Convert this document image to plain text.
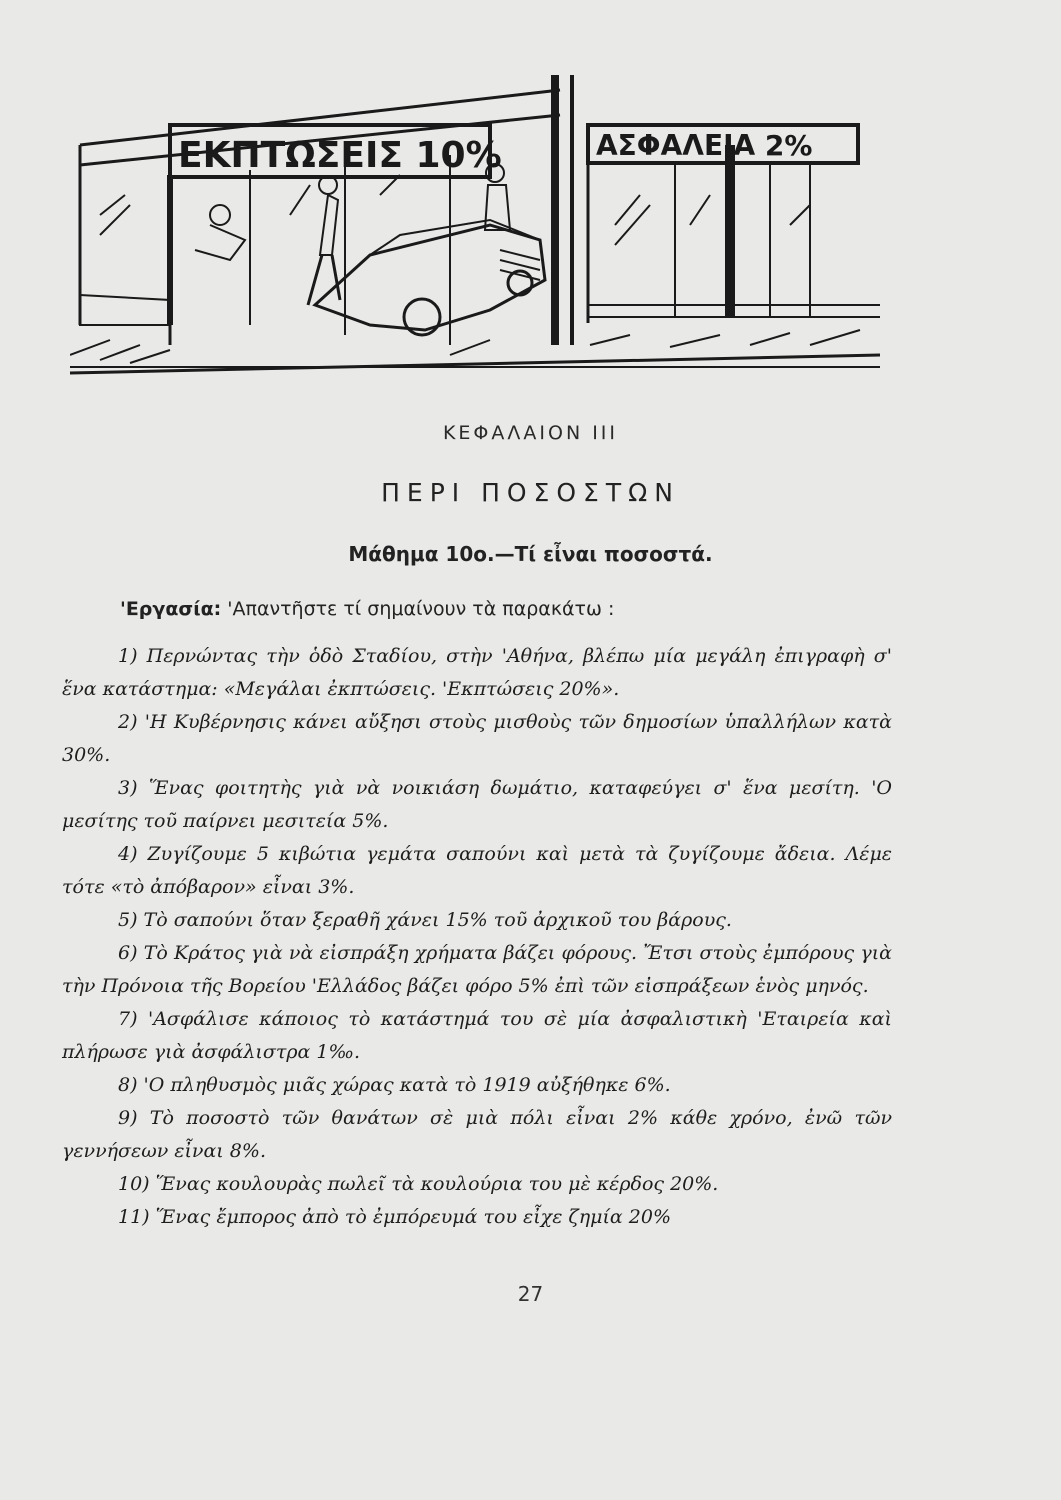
ΕΚΠΤΩΣΕΙΣ 10%	ΑΣΦΑΛΕΙΑ 2%
ΚΕΦΑΛΑΙΟΝ ΙΙΙ
ΠΕΡΙ ΠΟΣΟΣΤΩΝ
Μάθημα 10ο.—Τί εἶναι ποσοστά.
'Εργασία: 'Απαντῆστε τί σημαίνουν τὰ παρακάτω :

1) Περνώντας τὴν ὁδὸ Σταδίου, στὴν 'Αθήνα, βλέπω μία μεγάλη ἐπιγραφὴ σ' ἕνα κατάστημα: «Μεγάλαι ἐκπτώσεις. 'Εκπτώσεις 20%».

2) 'Η Κυβέρνησις κάνει αὔξησι στοὺς μισθοὺς τῶν δημοσίων ὑπαλλήλων κατὰ 30%.

3) Ἕνας φοιτητὴς γιὰ νὰ νοικιάση δωμάτιο, καταφεύγει σ' ἕνα μεσίτη. 'Ο μεσίτης τοῦ παίρνει μεσιτεία 5%.

4) Ζυγίζουμε 5 κιβώτια γεμάτα σαπούνι καὶ μετὰ τὰ ζυγίζουμε ἄδεια. Λέμε τότε «τὸ ἀπόβαρον» εἶναι 3%.

5) Τὸ σαπούνι ὅταν ξεραθῆ χάνει 15% τοῦ ἀρχικοῦ του βάρους.

6) Τὸ Κράτος γιὰ νὰ εἰσπράξη χρήματα βάζει φόρους. Ἔτσι στοὺς ἐμπόρους γιὰ τὴν Πρόνοια τῆς Βορείου 'Ελλάδος βάζει φόρο 5% ἐπὶ τῶν εἰσπράξεων ἑνὸς μηνός.

7) 'Ασφάλισε κάποιος τὸ κατάστημά του σὲ μία ἀσφαλιστικὴ 'Εταιρεία καὶ πλήρωσε γιὰ ἀσφάλιστρα 1‰.

8) 'Ο πληθυσμὸς μιᾶς χώρας κατὰ τὸ 1919 αὐξήθηκε 6%.

9) Τὸ ποσοστὸ τῶν θανάτων σὲ μιὰ πόλι εἶναι 2% κάθε χρόνο, ἐνῶ τῶν γεννήσεων εἶναι 8%.

10) Ἕνας κουλουρὰς πωλεῖ τὰ κουλούρια του μὲ κέρδος 20%.

11) Ἕνας ἔμπορος ἀπὸ τὸ ἐμπόρευμά του εἶχε ζημία 20%

27
